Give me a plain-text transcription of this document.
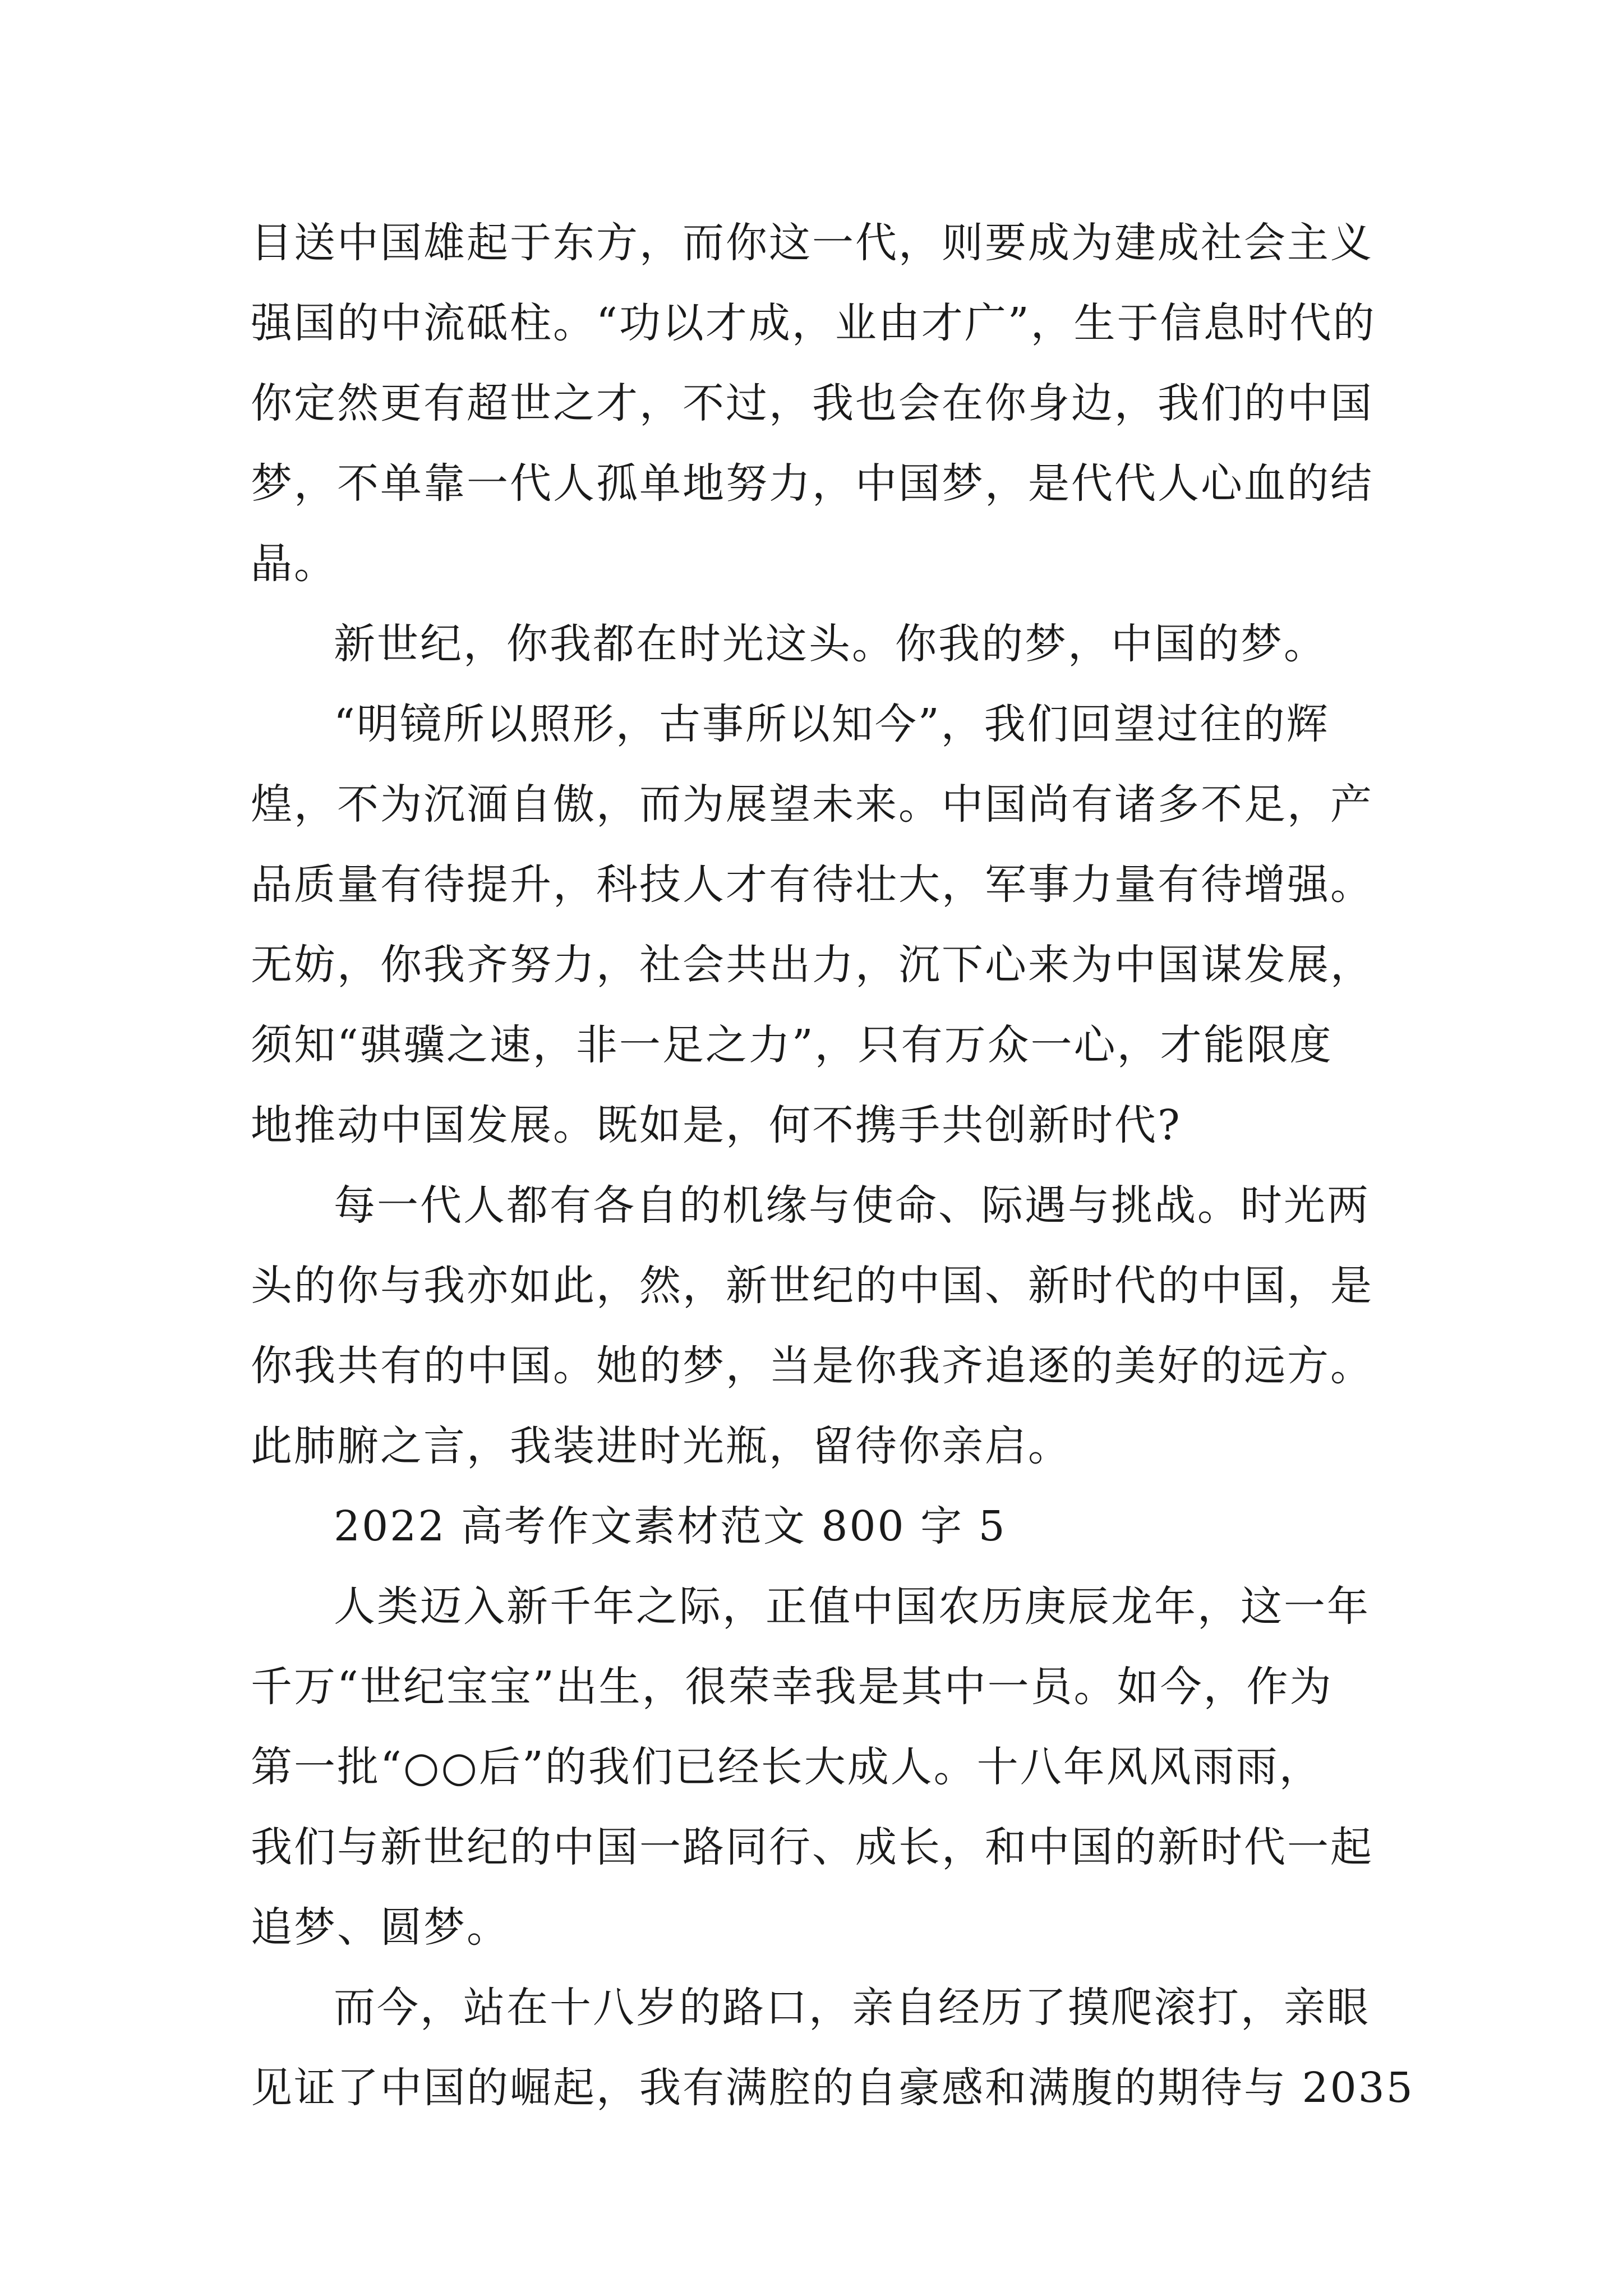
目送中国雄起于东方，而你这一代，则要成为建成社会主义
强国的中流砥柱。“功以才成，业由才广”，生于信息时代的
你定然更有超世之才，不过，我也会在你身边，我们的中国
梦，不单靠一代人孤单地努力，中国梦，是代代人心血的结
晶。
新世纪，你我都在时光这头。你我的梦，中国的梦。
“明镜所以照形，古事所以知今”，我们回望过往的辉
煌，不为沉湎自傲，而为展望未来。中国尚有诸多不足，产
品质量有待提升，科技人才有待壮大，军事力量有待增强。
无妨，你我齐努力，社会共出力，沉下心来为中国谋发展，
须知“骐骥之速，非一足之力”，只有万众一心，才能限度
地推动中国发展。既如是，何不携手共创新时代?
每一代人都有各自的机缘与使命、际遇与挑战。时光两
头的你与我亦如此，然，新世纪的中国、新时代的中国，是
你我共有的中国。她的梦，当是你我齐追逐的美好的远方。
此肺腑之言，我装进时光瓶，留待你亲启。
2022 高考作文素材范文 800 字 5
人类迈入新千年之际，正值中国农历庚辰龙年，这一年
千万“世纪宝宝”出生，很荣幸我是其中一员。如今，作为
第一批“○○后”的我们已经长大成人。十八年风风雨雨，
我们与新世纪的中国一路同行、成长，和中国的新时代一起
追梦、圆梦。
而今，站在十八岁的路口，亲自经历了摸爬滚打，亲眼
见证了中国的崛起，我有满腔的自豪感和满腹的期待与 2035
